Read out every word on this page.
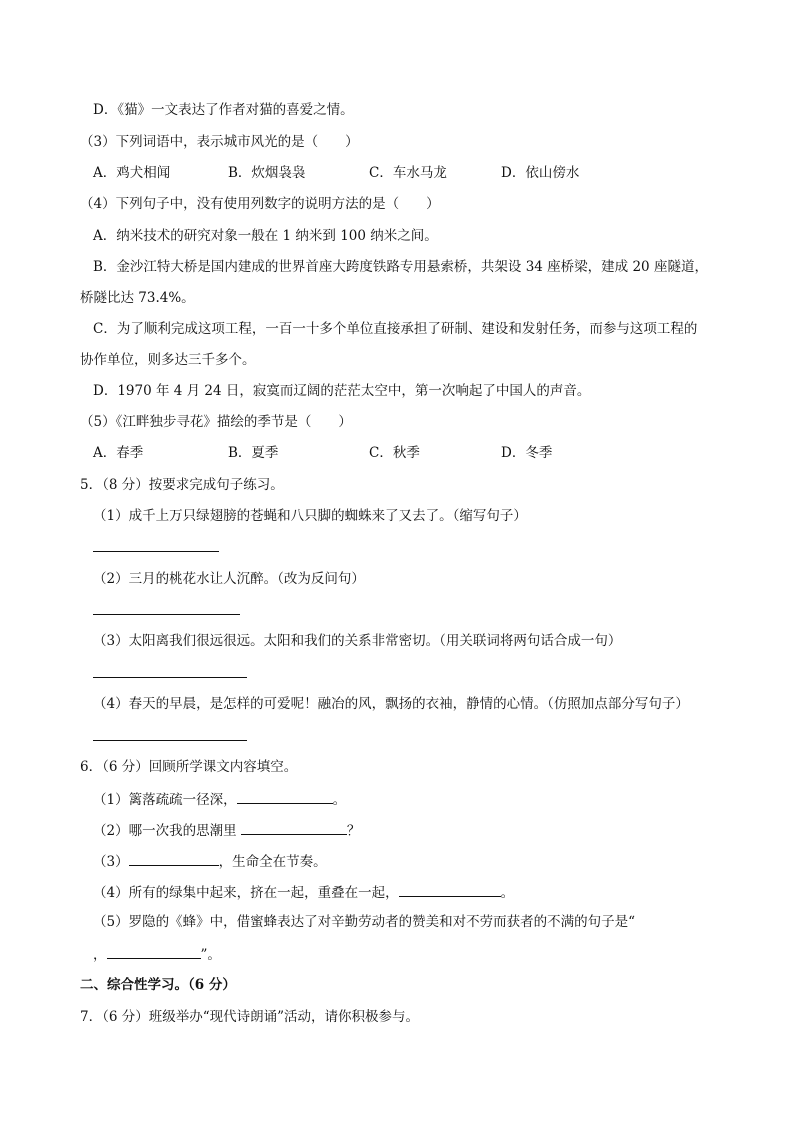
D．《猫》一文表达了作者对猫的喜爱之情。
（3）下列词语中，表示城市风光的是（　　）
A．鸡犬相闻	B．炊烟袅袅	C．车水马龙	D．依山傍水
（4）下列句子中，没有使用列数字的说明方法的是（　　）
A．纳米技术的研究对象一般在 1 纳米到 100 纳米之间。
B．金沙江特大桥是国内建成的世界首座大跨度铁路专用悬索桥，共架设 34 座桥梁，建成 20 座隧道，
桥隧比达 73.4%。
C．为了顺利完成这项工程，一百一十多个单位直接承担了研制、建设和发射任务，而参与这项工程的
协作单位，则多达三千多个。
D．1970 年 4 月 24 日，寂寞而辽阔的茫茫太空中，第一次响起了中国人的声音。
（5）《江畔独步寻花》描绘的季节是（　　）
A．春季	B．夏季	C．秋季	D．冬季
5．（8 分）按要求完成句子练习。
（1）成千上万只绿翅膀的苍蝇和八只脚的蜘蛛来了又去了。（缩写句子）
（2）三月的桃花水让人沉醉。（改为反问句）
（3）太阳离我们很远很远。太阳和我们的关系非常密切。（用关联词将两句话合成一句）
（4）春天的早晨，是怎样的可爱呢！融冶的风，飘扬的衣袖，静情的心情。（仿照加点部分写句子）
6．（6 分）回顾所学课文内容填空。
（1）篱落疏疏一径深，	。
（2）哪一次我的思潮里	？
（3）	，生命全在节奏。
（4）所有的绿集中起来，挤在一起，重叠在一起，	。
（5）罗隐的《蜂》中，借蜜蜂表达了对辛勤劳动者的赞美和对不劳而获者的不满的句子是“
，	”。
二、综合性学习。（6 分）
7．（6 分）班级举办“现代诗朗诵”活动，请你积极参与。
